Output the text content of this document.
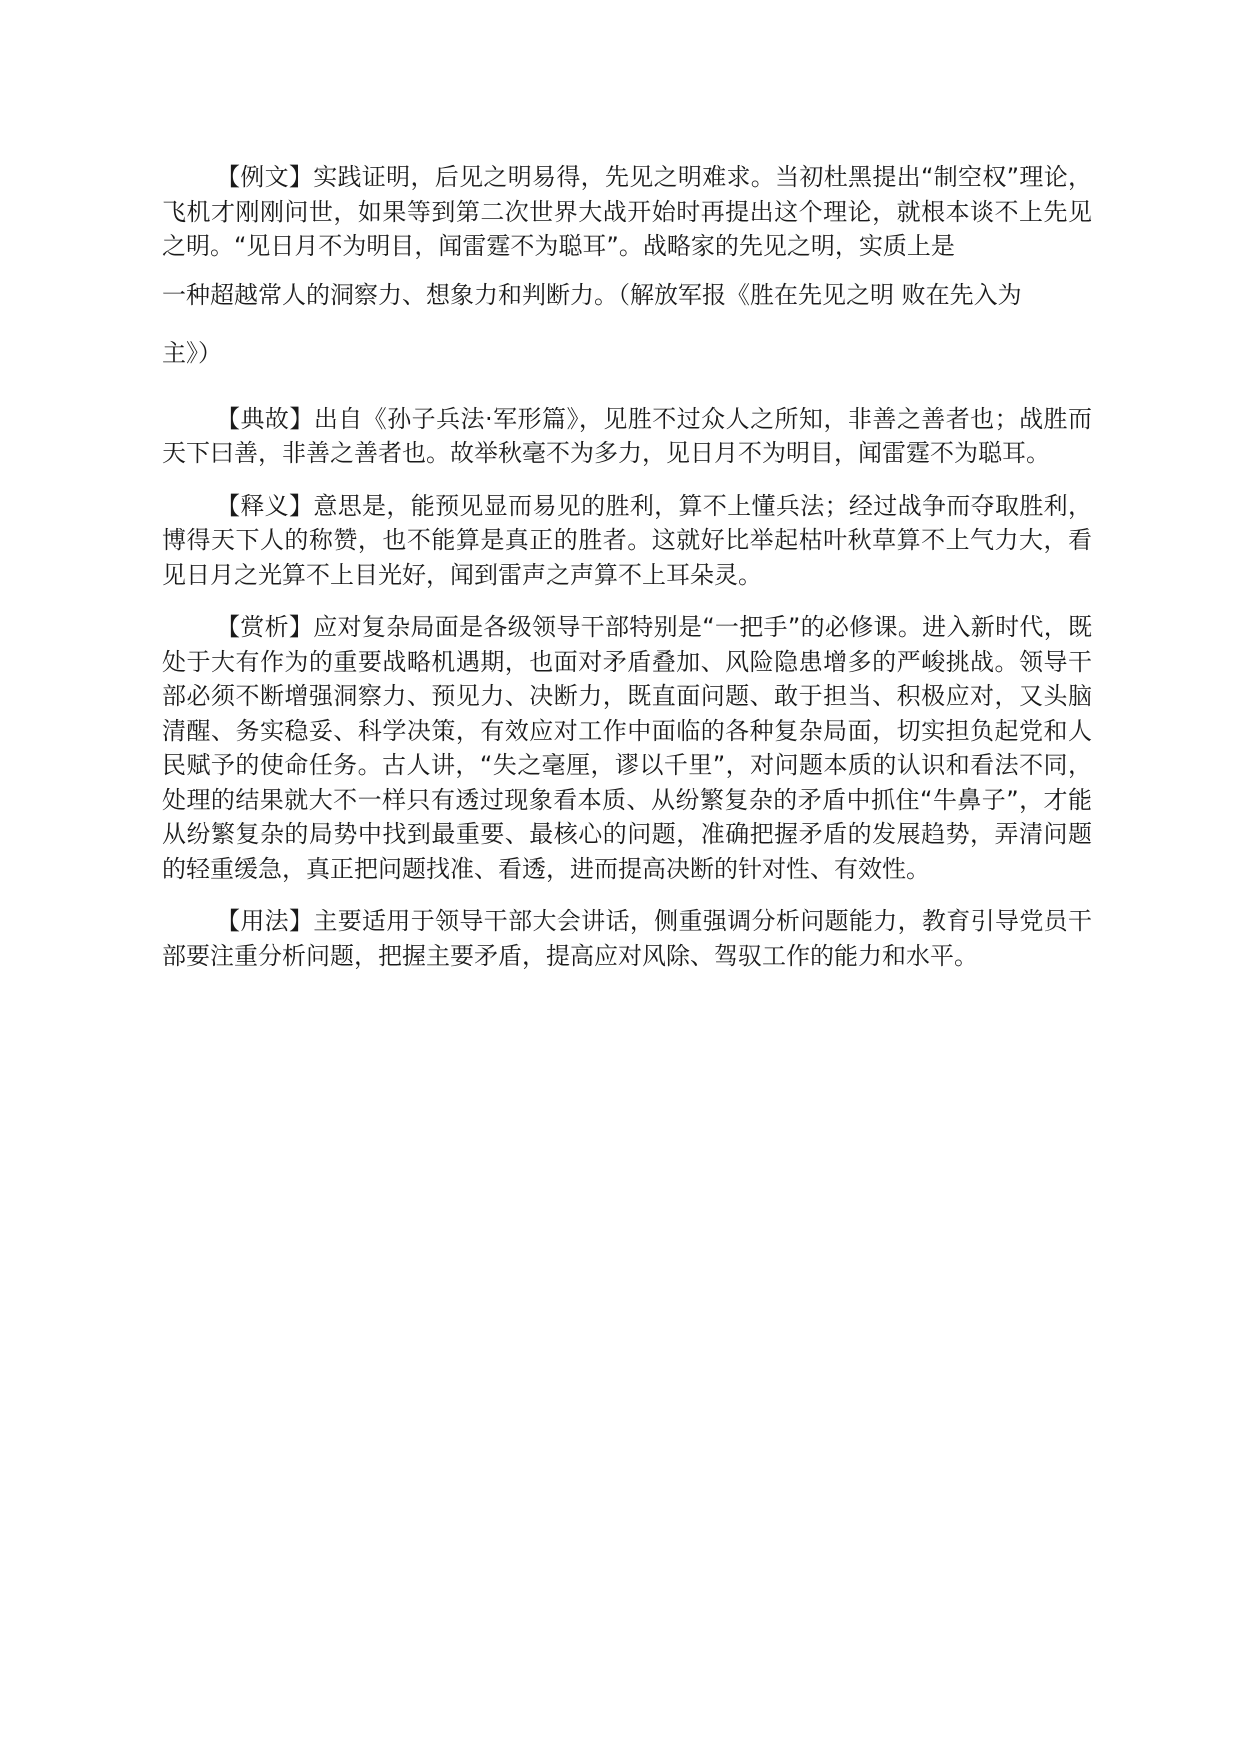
【例文】实践证明，后见之明易得，先见之明难求。当初杜黑提出“制空权”理论，飞机才刚刚问世，如果等到第二次世界大战开始时再提出这个理论，就根本谈不上先见之明。“见日月不为明目，闻雷霆不为聪耳”。战略家的先见之明，实质上是
一种超越常人的洞察力、想象力和判断力。（解放军报《胜在先见之明 败在先入为
主》）

【典故】出自《孙子兵法·军形篇》，见胜不过众人之所知，非善之善者也；战胜而天下曰善，非善之善者也。故举秋毫不为多力，见日月不为明目，闻雷霆不为聪耳。

【释义】意思是，能预见显而易见的胜利，算不上懂兵法；经过战争而夺取胜利，博得天下人的称赞，也不能算是真正的胜者。这就好比举起枯叶秋草算不上气力大，看见日月之光算不上目光好，闻到雷声之声算不上耳朵灵。

【赏析】应对复杂局面是各级领导干部特别是“一把手”的必修课。进入新时代，既处于大有作为的重要战略机遇期，也面对矛盾叠加、风险隐患增多的严峻挑战。领导干部必须不断增强洞察力、预见力、决断力，既直面问题、敢于担当、积极应对，又头脑清醒、务实稳妥、科学决策，有效应对工作中面临的各种复杂局面，切实担负起党和人民赋予的使命任务。古人讲，“失之毫厘，谬以千里”，对问题本质的认识和看法不同，处理的结果就大不一样只有透过现象看本质、从纷繁复杂的矛盾中抓住“牛鼻子”，才能从纷繁复杂的局势中找到最重要、最核心的问题，准确把握矛盾的发展趋势，弄清问题的轻重缓急，真正把问题找准、看透，进而提高决断的针对性、有效性。

【用法】主要适用于领导干部大会讲话，侧重强调分析问题能力，教育引导党员干部要注重分析问题，把握主要矛盾，提高应对风除、驾驭工作的能力和水平。
